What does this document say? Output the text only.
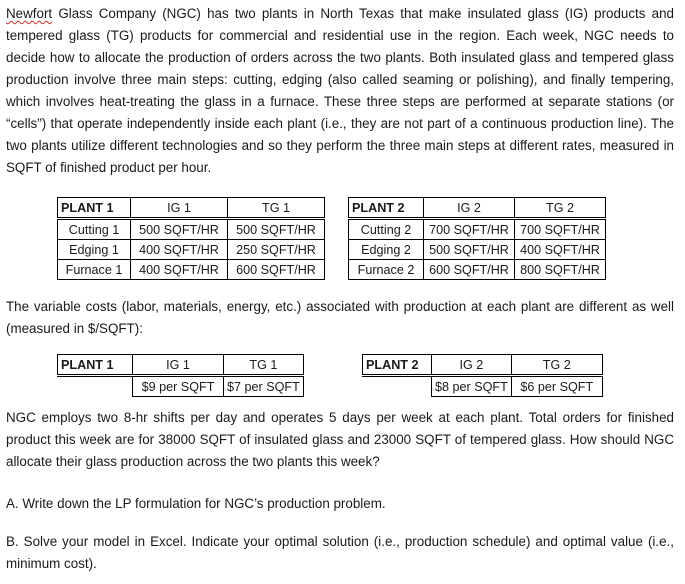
Newfort Glass Company (NGC) has two plants in North Texas that make insulated glass (IG) products and tempered glass (TG) products for commercial and residential use in the region. Each week, NGC needs to decide how to allocate the production of orders across the two plants. Both insulated glass and tempered glass production involve three main steps: cutting, edging (also called seaming or polishing), and finally tempering, which involves heat-treating the glass in a furnace. These three steps are performed at separate stations (or “cells”) that operate independently inside each plant (i.e., they are not part of a continuous production line). The two plants utilize different technologies and so they perform the three main steps at different rates, measured in SQFT of finished product per hour.

PLANT 1	IG 1	TG 1
Cutting 1	500 SQFT/HR	500 SQFT/HR
Edging 1	400 SQFT/HR	250 SQFT/HR
Furnace 1	400 SQFT/HR	600 SQFT/HR
PLANT 2	IG 2	TG 2
Cutting 2	700 SQFT/HR	700 SQFT/HR
Edging 2	500 SQFT/HR	400 SQFT/HR
Furnace 2	600 SQFT/HR	800 SQFT/HR

The variable costs (labor, materials, energy, etc.) associated with production at each plant are different as well (measured in $/SQFT):

PLANT 1	IG 1	TG 1
	$9 per SQFT	$7 per SQFT
PLANT 2	IG 2	TG 2
	$8 per SQFT	$6 per SQFT

NGC employs two 8-hr shifts per day and operates 5 days per week at each plant. Total orders for finished product this week are for 38000 SQFT of insulated glass and 23000 SQFT of tempered glass. How should NGC allocate their glass production across the two plants this week?

A. Write down the LP formulation for NGC’s production problem.

B. Solve your model in Excel. Indicate your optimal solution (i.e., production schedule) and optimal value (i.e., minimum cost).
